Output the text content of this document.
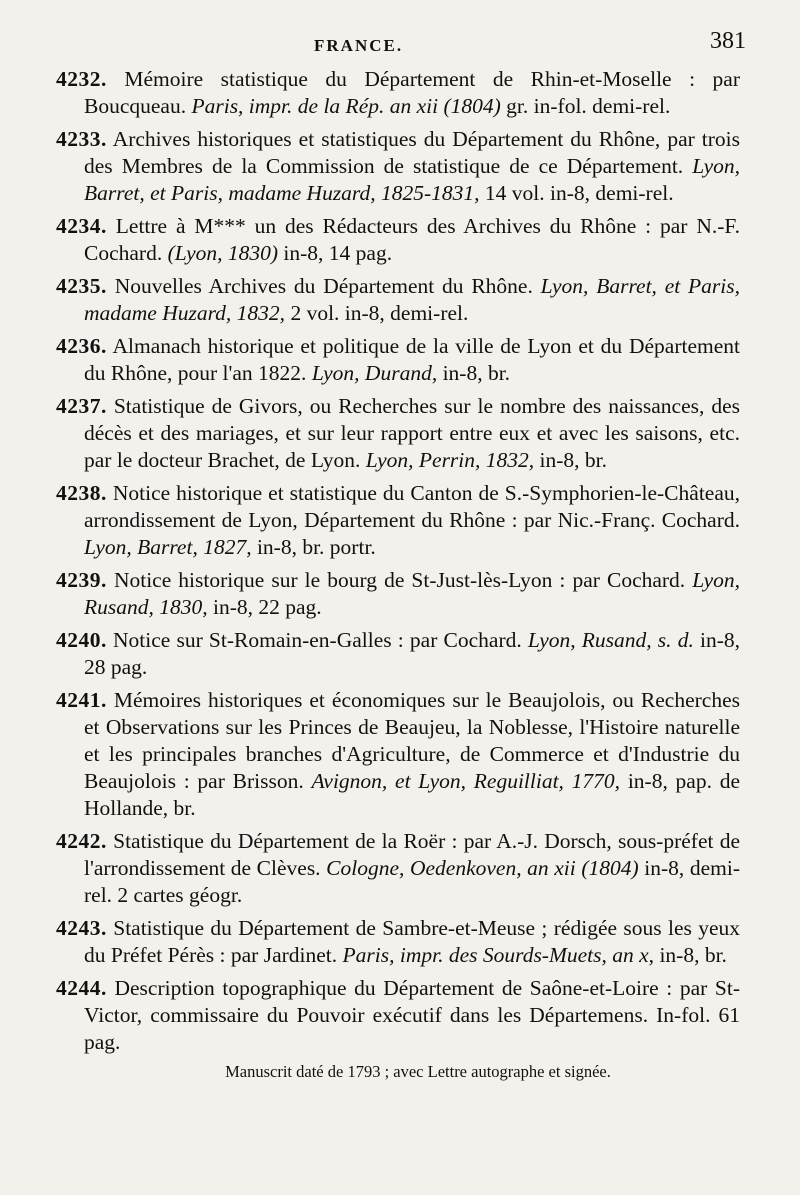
FRANCE.	381
4232. Mémoire statistique du Département de Rhin-et-Moselle : par Boucqueau. Paris, impr. de la Rép. an xii (1804) gr. in-fol. demi-rel.
4233. Archives historiques et statistiques du Département du Rhône, par trois des Membres de la Commission de statistique de ce Département. Lyon, Barret, et Paris, madame Huzard, 1825-1831, 14 vol. in-8, demi-rel.
4234. Lettre à M*** un des Rédacteurs des Archives du Rhône : par N.-F. Cochard. (Lyon, 1830) in-8, 14 pag.
4235. Nouvelles Archives du Département du Rhône. Lyon, Barret, et Paris, madame Huzard, 1832, 2 vol. in-8, demi-rel.
4236. Almanach historique et politique de la ville de Lyon et du Département du Rhône, pour l'an 1822. Lyon, Durand, in-8, br.
4237. Statistique de Givors, ou Recherches sur le nombre des naissances, des décès et des mariages, et sur leur rapport entre eux et avec les saisons, etc. par le docteur Brachet, de Lyon. Lyon, Perrin, 1832, in-8, br.
4238. Notice historique et statistique du Canton de S.-Symphorien-le-Château, arrondissement de Lyon, Département du Rhône : par Nic.-Franç. Cochard. Lyon, Barret, 1827, in-8, br. portr.
4239. Notice historique sur le bourg de St-Just-lès-Lyon : par Cochard. Lyon, Rusand, 1830, in-8, 22 pag.
4240. Notice sur St-Romain-en-Galles : par Cochard. Lyon, Rusand, s. d. in-8, 28 pag.
4241. Mémoires historiques et économiques sur le Beaujolois, ou Recherches et Observations sur les Princes de Beaujeu, la Noblesse, l'Histoire naturelle et les principales branches d'Agriculture, de Commerce et d'Industrie du Beaujolois : par Brisson. Avignon, et Lyon, Reguilliat, 1770, in-8, pap. de Hollande, br.
4242. Statistique du Département de la Roër : par A.-J. Dorsch, sous-préfet de l'arrondissement de Clèves. Cologne, Oedenkoven, an xii (1804) in-8, demi-rel. 2 cartes géogr.
4243. Statistique du Département de Sambre-et-Meuse ; rédigée sous les yeux du Préfet Pérès : par Jardinet. Paris, impr. des Sourds-Muets, an x, in-8, br.
4244. Description topographique du Département de Saône-et-Loire : par St-Victor, commissaire du Pouvoir exécutif dans les Départemens. In-fol. 61 pag.
Manuscrit daté de 1793 ; avec Lettre autographe et signée.
